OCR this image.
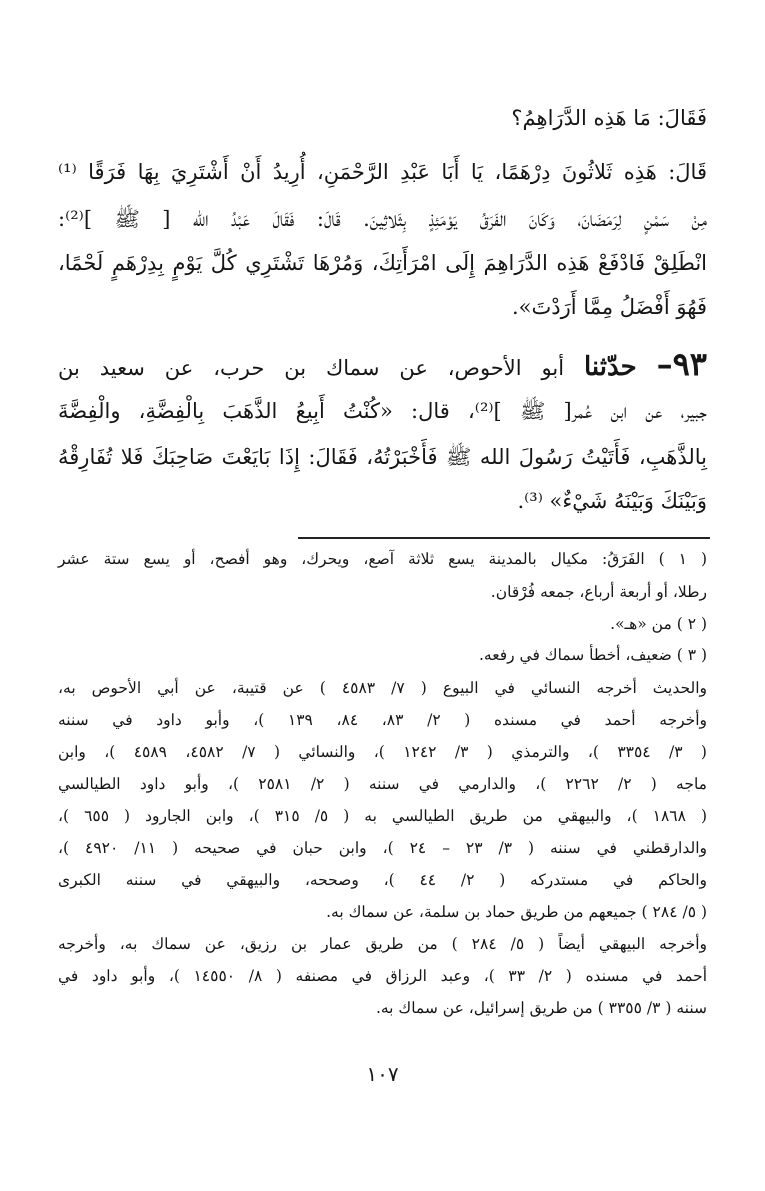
فَقَالَ: مَا هَذِه الدَّرَاهِمُ؟
قَالَ: هَذِه ثَلاثُونَ دِرْهَمًا، يَا أَبَا عَبْدِ الرَّحْمَنِ، أُرِيدُ أَنْ أَشْتَرِيَ بِهَا فَرَقًا ⁽¹⁾
مِنْ سَمْنٍ لِرَمَضَانَ، وَكَانَ الفَرَقُ يَوْمَئِذٍ بِثَلاثِينَ. قَالَ: فَقَالَ عَبْدُ الله [ ﷺ ]⁽²⁾:
انْطَلِقْ فَادْفَعْ هَذِه الدَّرَاهِمَ إِلَى امْرَأَتِكَ، وَمُرْهَا تَشْتَرِي كُلَّ يَوْمٍ بِدِرْهَمٍ لَحْمًا،
فَهُوَ أَفْضَلُ مِمَّا أَرَدْتَ».
٩٣– حدّثنا أبو الأحوص، عن سماك بن حرب، عن سعيد بن
جبير، عن ابن عُمر[ ﷺ ]⁽²⁾، قال: «كُنْتُ أَبِيعُ الذَّهَبَ بِالْفِضَّةِ، والْفِضَّةَ
بِالذَّهَبِ، فَأَتَيْتُ رَسُولَ الله ﷺ فَأَخْبَرْتُهُ، فَقَالَ: إِذَا بَايَعْتَ صَاحِبَكَ فَلا تُفَارِقْهُ
وَبَيْنَكَ وَبَيْنَهُ شَيْءٌ» ⁽³⁾.
( ١ ) الفَرَقُ: مكيال بالمدينة يسع ثلاثة آصع، ويحرك، وهو أفصح، أو يسع ستة عشر
رطلا، أو أربعة أرباع، جمعه فُرْقان.
( ٢ ) من «هـ».
( ٣ ) ضعيف، أخطأ سماك في رفعه.
والحديث أخرجه النسائي في البيوع ( ٧/ ٤٥٨٣ ) عن قتيبة، عن أبي الأحوص به،
وأخرجه أحمد في مسنده ( ٢/ ٨٣، ٨٤، ١٣٩ )، وأبو داود في سننه
( ٣/ ٣٣٥٤ )، والترمذي ( ٣/ ١٢٤٢ )، والنسائي ( ٧/ ٤٥٨٢، ٤٥٨٩ )، وابن
ماجه ( ٢/ ٢٢٦٢ )، والدارمي في سننه ( ٢/ ٢٥٨١ )، وأبو داود الطيالسي
( ١٨٦٨ )، والبيهقي من طريق الطيالسي به ( ٥/ ٣١٥ )، وابن الجارود ( ٦٥٥ )،
والدارقطني في سننه ( ٣/ ٢٣ – ٢٤ )، وابن حبان في صحيحه ( ١١/ ٤٩٢٠ )،
والحاكم في مستدركه ( ٢/ ٤٤ )، وصححه، والبيهقي في سننه الكبرى
( ٥/ ٢٨٤ ) جميعهم من طريق حماد بن سلمة، عن سماك به.
وأخرجه البيهقي أيضاً ( ٥/ ٢٨٤ ) من طريق عمار بن رزيق، عن سماك به، وأخرجه
أحمد في مسنده ( ٢/ ٣٣ )، وعبد الرزاق في مصنفه ( ٨/ ١٤٥٥٠ )، وأبو داود في
سننه ( ٣/ ٣٣٥٥ ) من طريق إسرائيل، عن سماك به.
١٠٧
